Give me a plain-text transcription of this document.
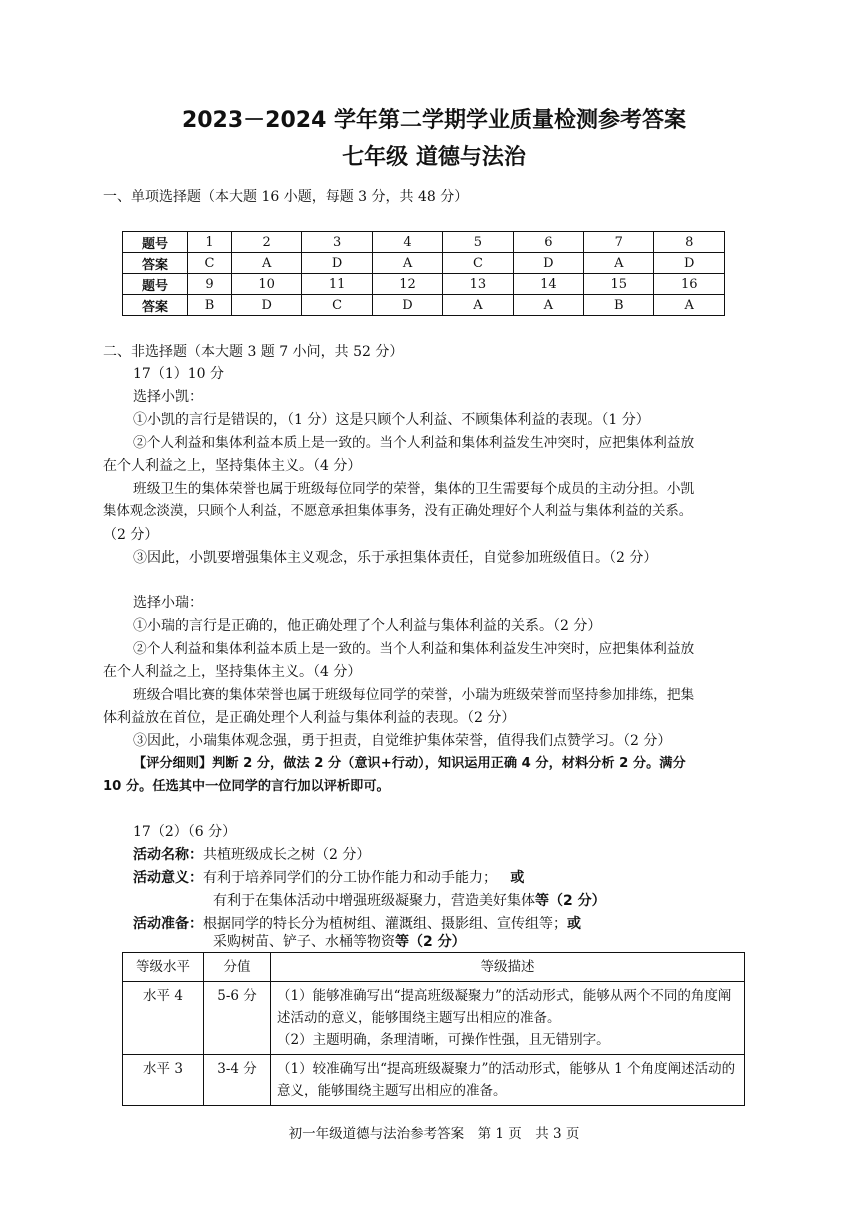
2023－2024 学年第二学期学业质量检测参考答案
七年级 道德与法治
一、单项选择题（本大题 16 小题，每题 3 分，共 48 分）
题号	1	2	3	4	5	6	7	8
答案	C	A	D	A	C	D	A	D
题号	9	10	11	12	13	14	15	16
答案	B	D	C	D	A	A	B	A
二、非选择题（本大题 3 题 7 小问，共 52 分）
17（1）10 分
选择小凯：
①小凯的言行是错误的，（1 分）这是只顾个人利益、不顾集体利益的表现。（1 分）
②个人利益和集体利益本质上是一致的。当个人利益和集体利益发生冲突时，应把集体利益放
在个人利益之上，坚持集体主义。（4 分）
班级卫生的集体荣誉也属于班级每位同学的荣誉，集体的卫生需要每个成员的主动分担。小凯
集体观念淡漠，只顾个人利益，不愿意承担集体事务，没有正确处理好个人利益与集体利益的关系。
（2 分）
③因此，小凯要增强集体主义观念，乐于承担集体责任，自觉参加班级值日。（2 分）
选择小瑞：
①小瑞的言行是正确的，他正确处理了个人利益与集体利益的关系。（2 分）
②个人利益和集体利益本质上是一致的。当个人利益和集体利益发生冲突时，应把集体利益放
在个人利益之上，坚持集体主义。（4 分）
班级合唱比赛的集体荣誉也属于班级每位同学的荣誉，小瑞为班级荣誉而坚持参加排练，把集
体利益放在首位，是正确处理个人利益与集体利益的表现。（2 分）
③因此，小瑞集体观念强，勇于担责，自觉维护集体荣誉，值得我们点赞学习。（2 分）
【评分细则】判断 2 分，做法 2 分（意识+行动），知识运用正确 4 分，材料分析 2 分。满分
10 分。任选其中一位同学的言行加以评析即可。
17（2）（6 分）
活动名称：共植班级成长之树（2 分）
活动意义：有利于培养同学们的分工协作能力和动手能力； 或
有利于在集体活动中增强班级凝聚力，营造美好集体等（2 分）
活动准备：根据同学的特长分为植树组、灌溉组、摄影组、宣传组等；或
采购树苗、铲子、水桶等物资等（2 分）
等级水平	分值	等级描述
水平 4	5-6 分	（1）能够准确写出“提高班级凝聚力”的活动形式，能够从两个不同的角度阐述活动的意义，能够围绕主题写出相应的准备。
（2）主题明确，条理清晰，可操作性强，且无错别字。

水平 3	3-4 分	（1）较准确写出“提高班级凝聚力”的活动形式，能够从 1 个角度阐述活动的意义，能够围绕主题写出相应的准备。
初一年级道德与法治参考答案　第 1 页　共 3 页
